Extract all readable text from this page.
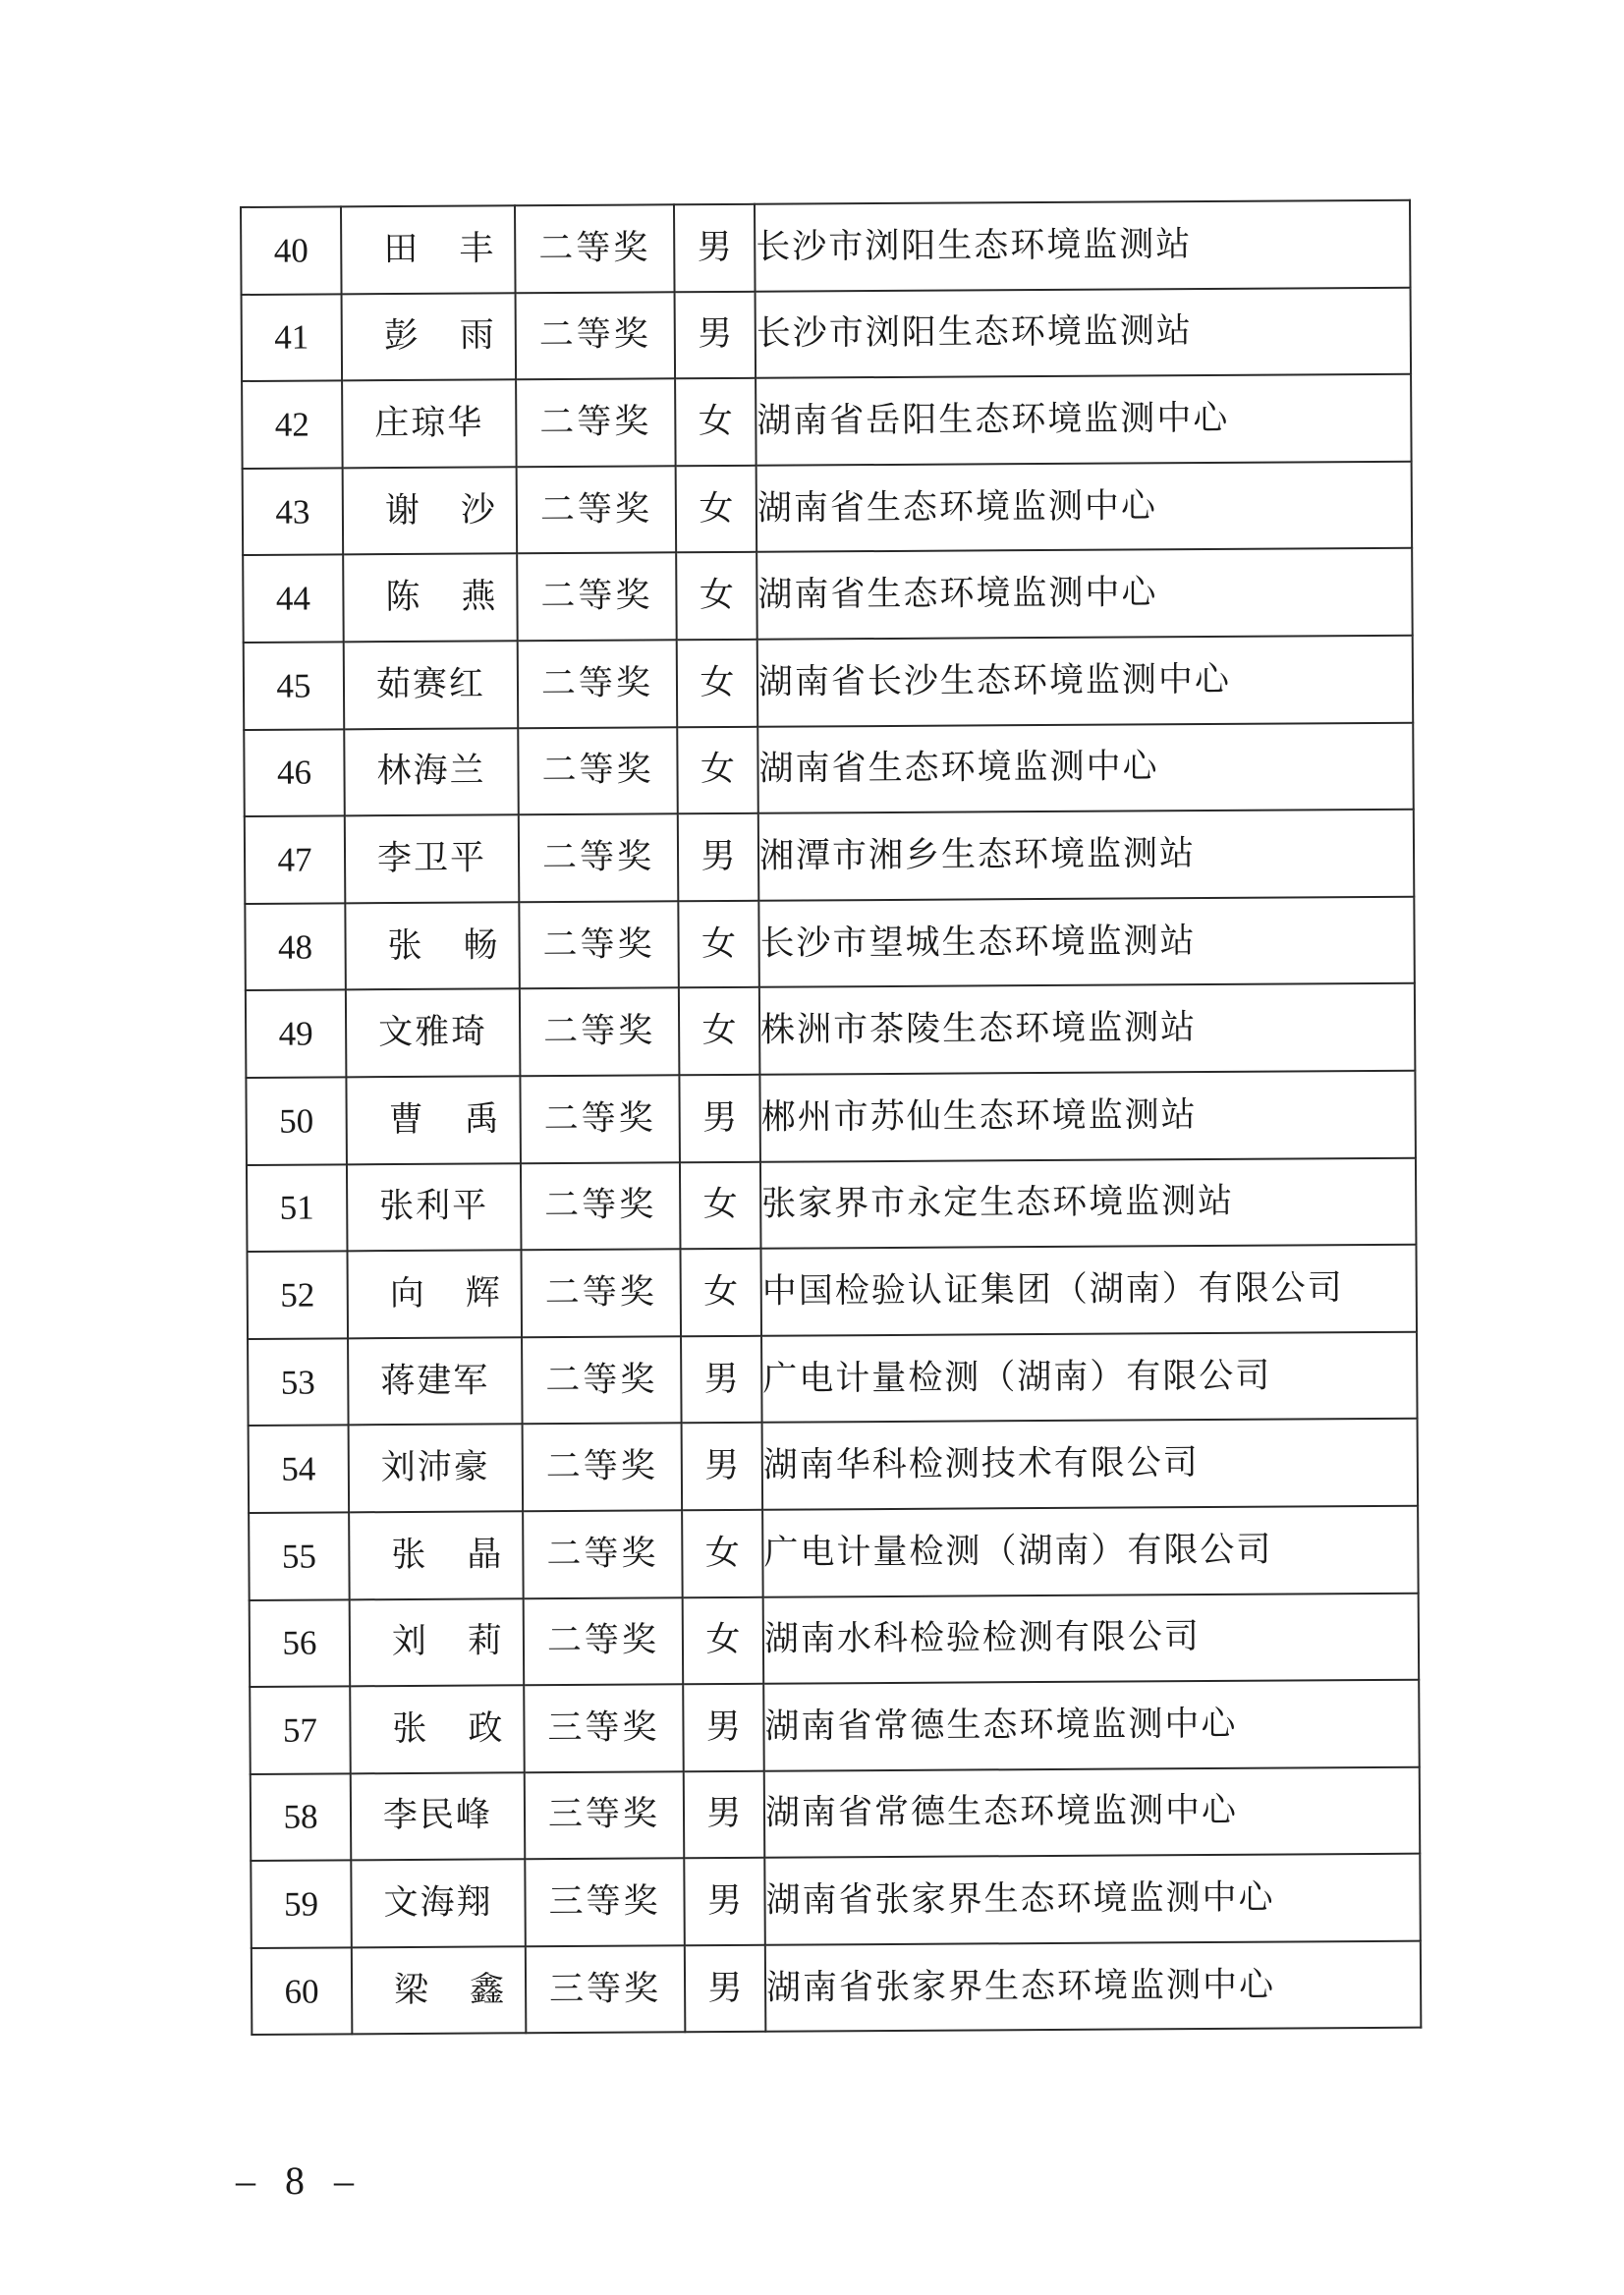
40	田丰	二等奖	男	长沙市浏阳生态环境监测站
41	彭雨	二等奖	男	长沙市浏阳生态环境监测站
42	庄琼华	二等奖	女	湖南省岳阳生态环境监测中心
43	谢沙	二等奖	女	湖南省生态环境监测中心
44	陈燕	二等奖	女	湖南省生态环境监测中心
45	茹赛红	二等奖	女	湖南省长沙生态环境监测中心
46	林海兰	二等奖	女	湖南省生态环境监测中心
47	李卫平	二等奖	男	湘潭市湘乡生态环境监测站
48	张畅	二等奖	女	长沙市望城生态环境监测站
49	文雅琦	二等奖	女	株洲市茶陵生态环境监测站
50	曹禹	二等奖	男	郴州市苏仙生态环境监测站
51	张利平	二等奖	女	张家界市永定生态环境监测站
52	向辉	二等奖	女	中国检验认证集团（湖南）有限公司
53	蒋建军	二等奖	男	广电计量检测（湖南）有限公司
54	刘沛豪	二等奖	男	湖南华科检测技术有限公司
55	张晶	二等奖	女	广电计量检测（湖南）有限公司
56	刘莉	二等奖	女	湖南水科检验检测有限公司
57	张政	三等奖	男	湖南省常德生态环境监测中心
58	李民峰	三等奖	男	湖南省常德生态环境监测中心
59	文海翔	三等奖	男	湖南省张家界生态环境监测中心
60	梁鑫	三等奖	男	湖南省张家界生态环境监测中心
– 8 –
